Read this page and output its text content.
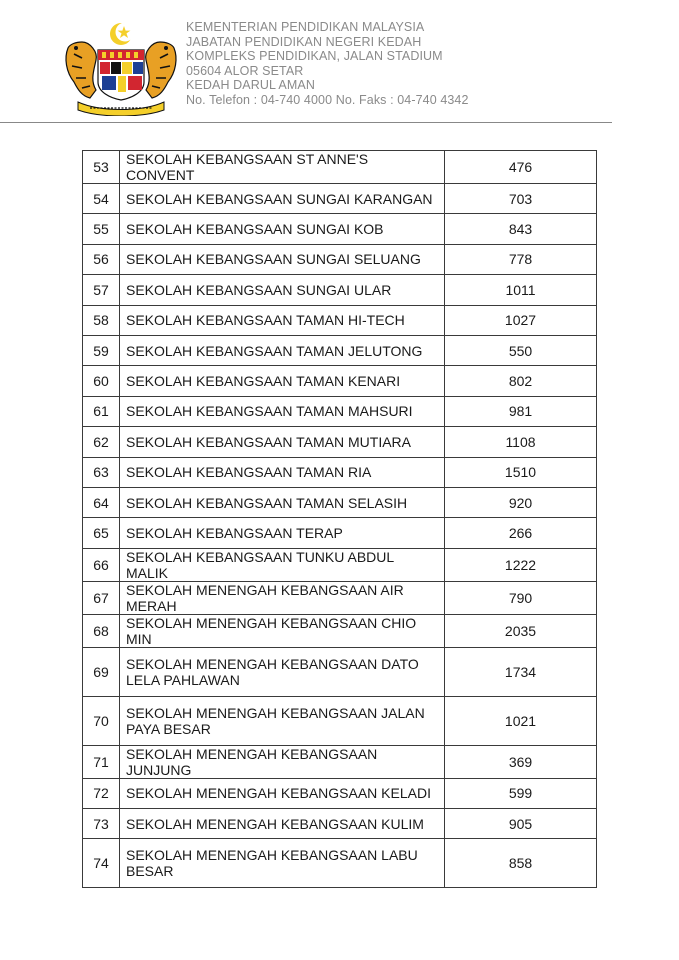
KEMENTERIAN PENDIDIKAN MALAYSIA
JABATAN PENDIDIKAN NEGERI KEDAH
KOMPLEKS PENDIDIKAN, JALAN STADIUM
05604 ALOR SETAR
KEDAH DARUL AMAN
No. Telefon : 04-740 4000 No. Faks : 04-740 4342
53	SEKOLAH KEBANGSAAN ST ANNE'S CONVENT	476
54	SEKOLAH KEBANGSAAN SUNGAI KARANGAN	703
55	SEKOLAH KEBANGSAAN SUNGAI KOB	843
56	SEKOLAH KEBANGSAAN SUNGAI SELUANG	778
57	SEKOLAH KEBANGSAAN SUNGAI ULAR	1011
58	SEKOLAH KEBANGSAAN TAMAN HI-TECH	1027
59	SEKOLAH KEBANGSAAN TAMAN JELUTONG	550
60	SEKOLAH KEBANGSAAN TAMAN KENARI	802
61	SEKOLAH KEBANGSAAN TAMAN MAHSURI	981
62	SEKOLAH KEBANGSAAN TAMAN MUTIARA	1108
63	SEKOLAH KEBANGSAAN TAMAN RIA	1510
64	SEKOLAH KEBANGSAAN TAMAN SELASIH	920
65	SEKOLAH KEBANGSAAN TERAP	266
66	SEKOLAH KEBANGSAAN TUNKU ABDUL MALIK	1222
67	SEKOLAH MENENGAH KEBANGSAAN AIR MERAH	790
68	SEKOLAH MENENGAH KEBANGSAAN CHIO MIN	2035
69	SEKOLAH MENENGAH KEBANGSAAN DATO LELA PAHLAWAN	1734
70	SEKOLAH MENENGAH KEBANGSAAN JALAN PAYA BESAR	1021
71	SEKOLAH MENENGAH KEBANGSAAN JUNJUNG	369
72	SEKOLAH MENENGAH KEBANGSAAN KELADI	599
73	SEKOLAH MENENGAH KEBANGSAAN KULIM	905
74	SEKOLAH MENENGAH KEBANGSAAN LABU BESAR	858
